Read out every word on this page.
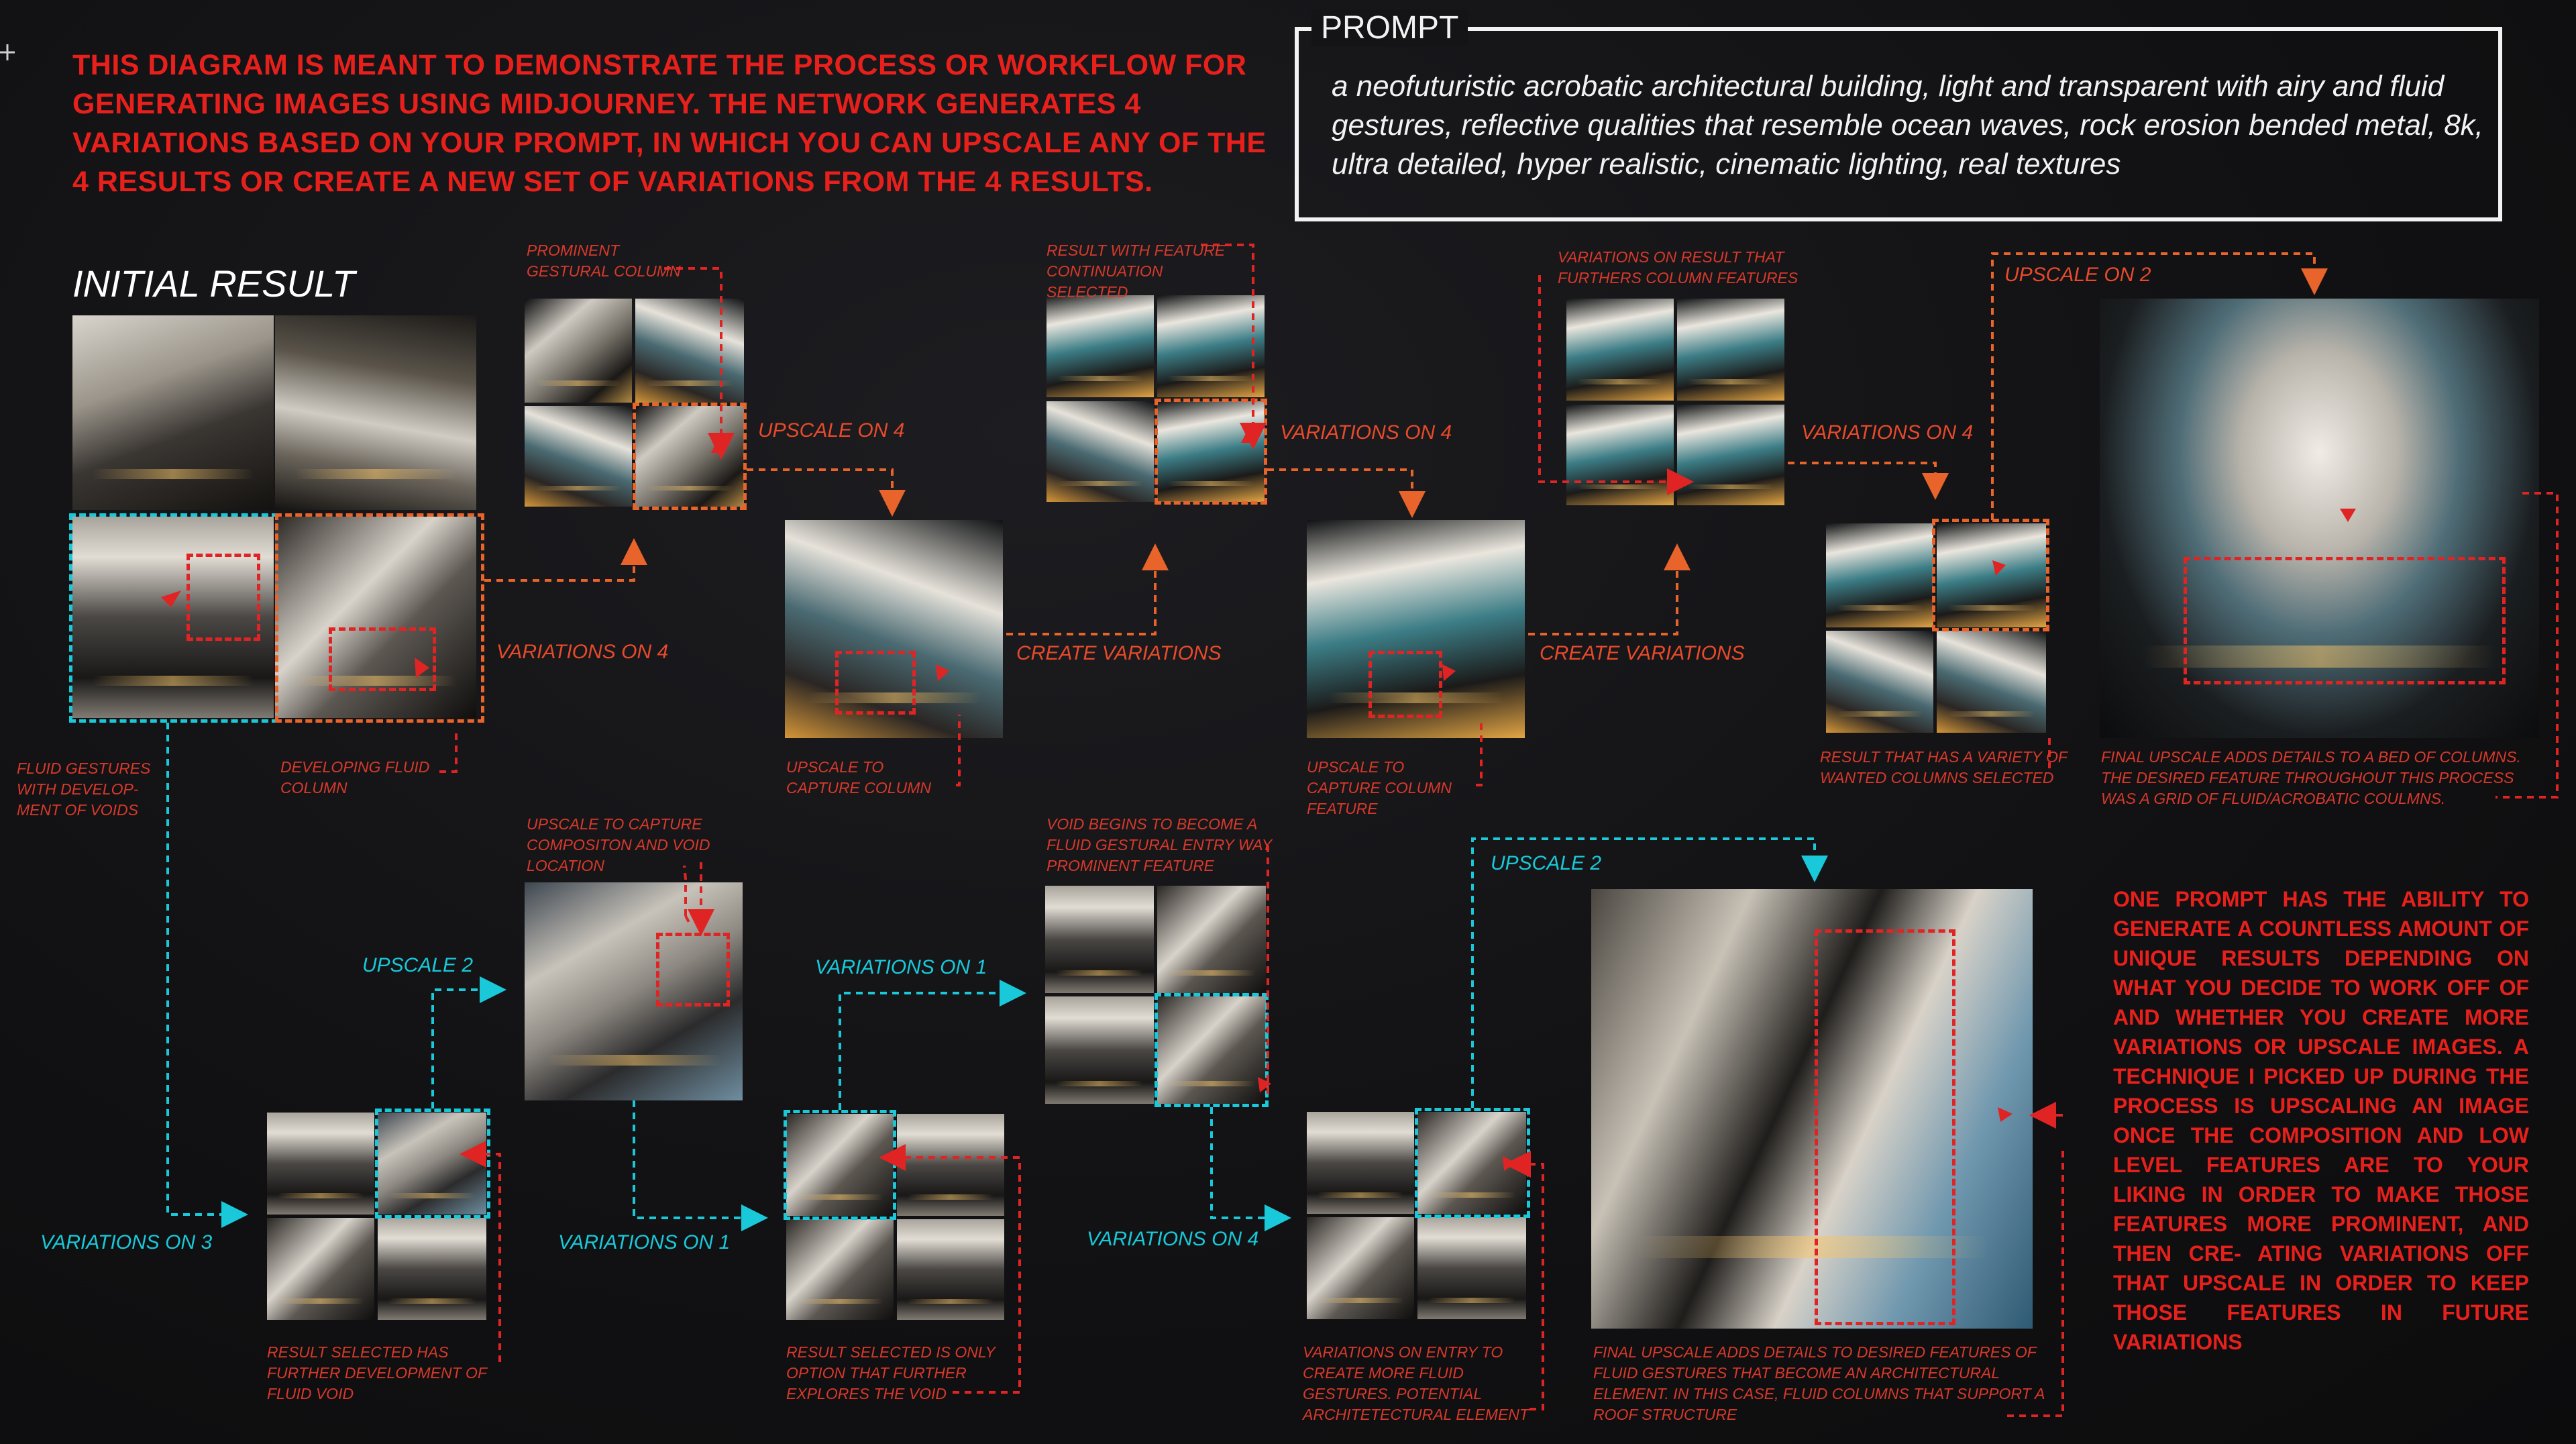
THIS DIAGRAM IS MEANT TO DEMONSTRATE THE PROCESS OR WORKFLOW FOR GENERATING IMAGES USING MIDJOURNEY. THE NETWORK GENERATES 4 VARIATIONS BASED ON YOUR PROMPT, IN WHICH YOU CAN UPSCALE ANY OF THE 4 RESULTS OR CREATE A NEW SET OF VARIATIONS FROM THE 4 RESULTS.
PROMPT
a neofuturistic acrobatic architectural building, light and transparent with airy and fluid gestures, reflective qualities that resemble ocean waves, rock erosion bended metal, 8k, ultra detailed, hyper realistic, cinematic lighting, real textures
INITIAL RESULT
VARIATIONS ON 4
UPSCALE ON 4
CREATE VARIATIONS
VARIATIONS ON 4
CREATE VARIATIONS
VARIATIONS ON 4
UPSCALE ON 2
VARIATIONS ON 3
UPSCALE 2
VARIATIONS ON 1
VARIATIONS ON 1
VARIATIONS ON 4
UPSCALE 2
FLUID GESTURES WITH DEVELOP- MENT OF VOIDS
DEVELOPING FLUID COLUMN
PROMINENT GESTURAL COLUMN
UPSCALE TO CAPTURE COLUMN
RESULT WITH FEATURE CONTINUATION SELECTED
UPSCALE TO CAPTURE COLUMN FEATURE
VARIATIONS ON RESULT THAT FURTHERS COLUMN FEATURES
RESULT THAT HAS A VARIETY OF WANTED COLUMNS SELECTED
FINAL UPSCALE ADDS DETAILS TO A BED OF COLUMNS. THE DESIRED FEATURE THROUGHOUT THIS PROCESS WAS A GRID OF FLUID/ACROBATIC COULMNS.
UPSCALE TO CAPTURE COMPOSITON AND VOID LOCATION
VOID BEGINS TO BECOME A FLUID GESTURAL ENTRY WAY PROMINENT FEATURE
RESULT SELECTED HAS FURTHER DEVELOPMENT OF FLUID VOID
RESULT SELECTED IS ONLY OPTION THAT FURTHER EXPLORES THE VOID
VARIATIONS ON ENTRY TO CREATE MORE FLUID GESTURES. POTENTIAL ARCHITETECTURAL ELEMENT
FINAL UPSCALE ADDS DETAILS TO DESIRED FEATURES OF FLUID GESTURES THAT BECOME AN ARCHITECTURAL ELEMENT. IN THIS CASE, FLUID COLUMNS THAT SUPPORT A ROOF STRUCTURE
ONE PROMPT HAS THE ABILITY TO GENERATE A COUNTLESS AMOUNT OF UNIQUE RESULTS DEPENDING ON WHAT YOU DECIDE TO WORK OFF OF AND WHETHER YOU CREATE MORE VARIATIONS OR UPSCALE IMAGES. A TECHNIQUE I PICKED UP DURING THE PROCESS IS UPSCALING AN IMAGE ONCE THE COMPOSITION AND LOW LEVEL FEATURES ARE TO YOUR LIKING IN ORDER TO MAKE THOSE FEATURES MORE PROMINENT, AND THEN CRE- ATING VARIATIONS OFF THAT UPSCALE IN ORDER TO KEEP THOSE FEATURES IN FUTURE VARIATIONS
